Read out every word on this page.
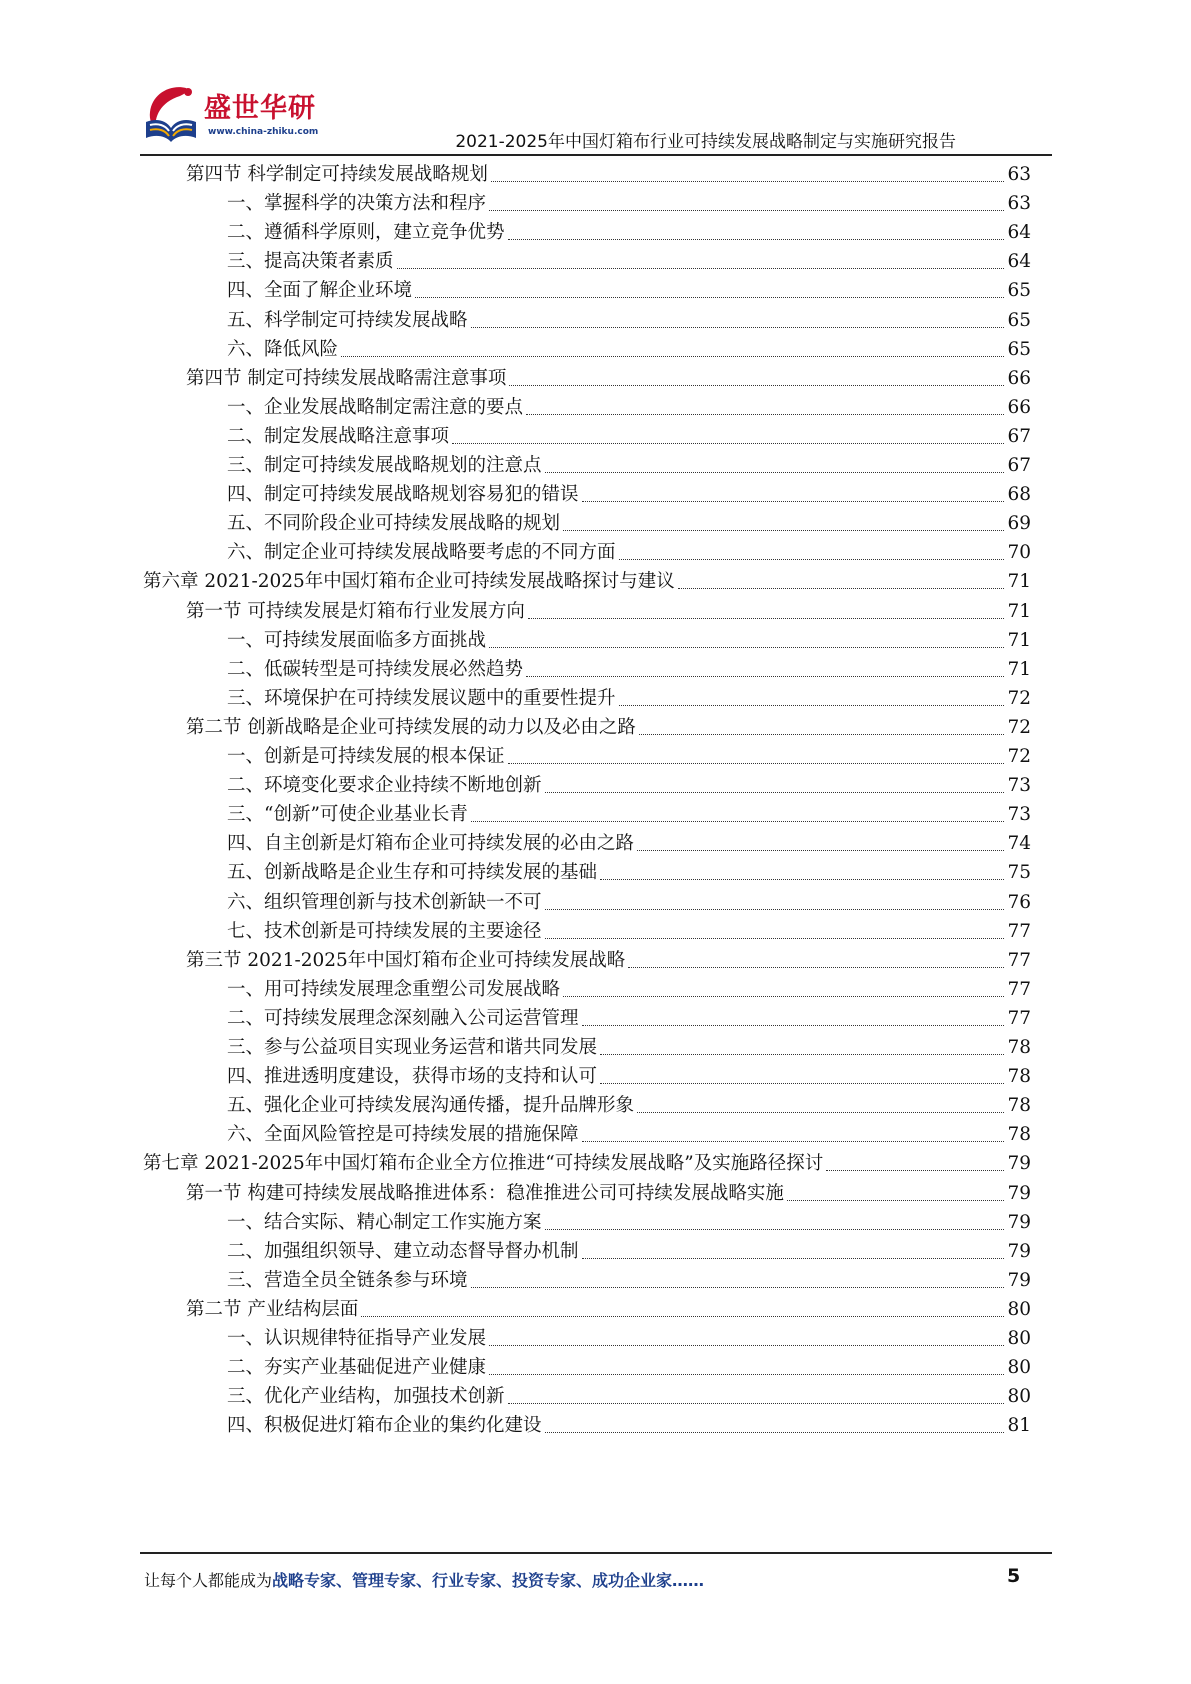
盛世华研
www.china-zhiku.com	2021-2025年中国灯箱布行业可持续发展战略制定与实施研究报告
第四节 科学制定可持续发展战略规划	63
一、掌握科学的决策方法和程序	63
二、遵循科学原则，建立竞争优势	64
三、提高决策者素质	64
四、全面了解企业环境	65
五、科学制定可持续发展战略	65
六、降低风险	65
第四节 制定可持续发展战略需注意事项	66
一、企业发展战略制定需注意的要点	66
二、制定发展战略注意事项	67
三、制定可持续发展战略规划的注意点	67
四、制定可持续发展战略规划容易犯的错误	68
五、不同阶段企业可持续发展战略的规划	69
六、制定企业可持续发展战略要考虑的不同方面	70
第六章 2021-2025年中国灯箱布企业可持续发展战略探讨与建议	71
第一节 可持续发展是灯箱布行业发展方向	71
一、可持续发展面临多方面挑战	71
二、低碳转型是可持续发展必然趋势	71
三、环境保护在可持续发展议题中的重要性提升	72
第二节 创新战略是企业可持续发展的动力以及必由之路	72
一、创新是可持续发展的根本保证	72
二、环境变化要求企业持续不断地创新	73
三、“创新”可使企业基业长青	73
四、自主创新是灯箱布企业可持续发展的必由之路	74
五、创新战略是企业生存和可持续发展的基础	75
六、组织管理创新与技术创新缺一不可	76
七、技术创新是可持续发展的主要途径	77
第三节 2021-2025年中国灯箱布企业可持续发展战略	77
一、用可持续发展理念重塑公司发展战略	77
二、可持续发展理念深刻融入公司运营管理	77
三、参与公益项目实现业务运营和谐共同发展	78
四、推进透明度建设，获得市场的支持和认可	78
五、强化企业可持续发展沟通传播，提升品牌形象	78
六、全面风险管控是可持续发展的措施保障	78
第七章 2021-2025年中国灯箱布企业全方位推进“可持续发展战略”及实施路径探讨	79
第一节 构建可持续发展战略推进体系：稳准推进公司可持续发展战略实施	79
一、结合实际、精心制定工作实施方案	79
二、加强组织领导、建立动态督导督办机制	79
三、营造全员全链条参与环境	79
第二节 产业结构层面	80
一、认识规律特征指导产业发展	80
二、夯实产业基础促进产业健康	80
三、优化产业结构，加强技术创新	80
四、积极促进灯箱布企业的集约化建设	81
让每个人都能成为战略专家、管理专家、行业专家、投资专家、成功企业家……	5
